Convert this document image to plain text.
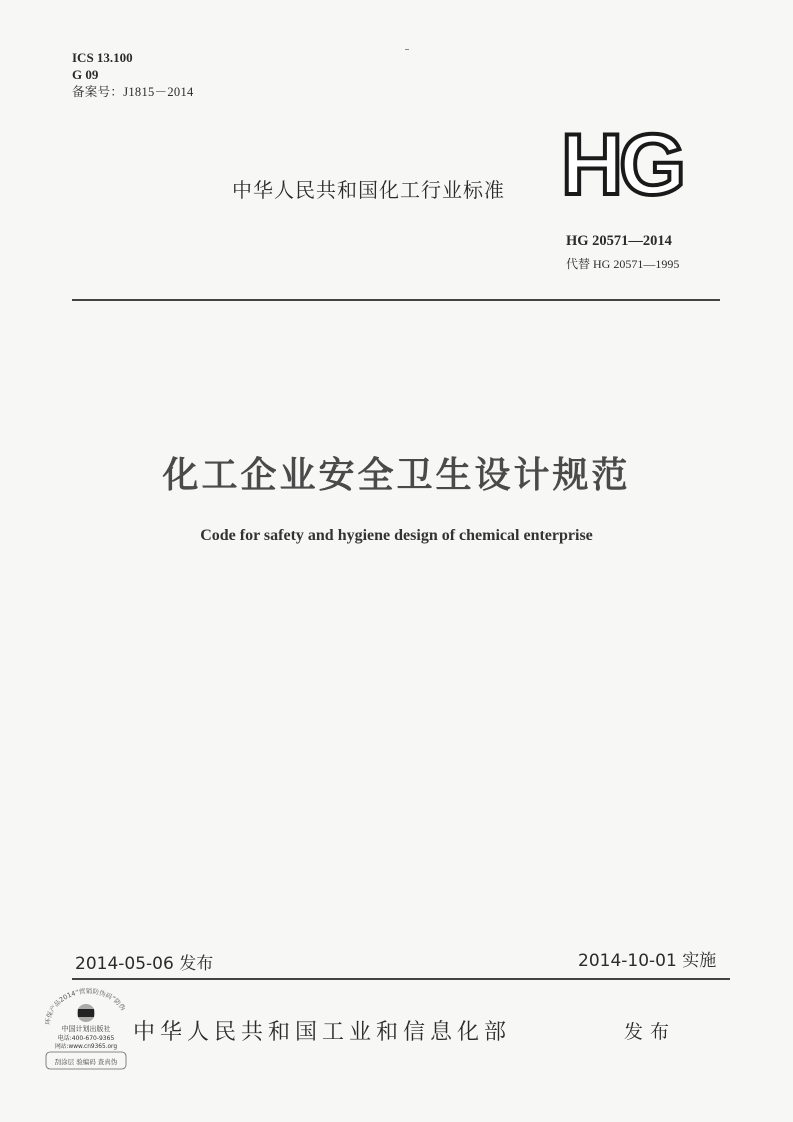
ICS 13.100
G 09
备案号：J1815－2014
中华人民共和国化工行业标准 HG
HG 20571—2014
代替 HG 20571—1995
化工企业安全卫生设计规范
Code for safety and hygiene design of chemical enterprise
2014-05-06 发布	2014-10-01 实施
环保产品2014“营销防伪码”防伪
中国计划出版社
电话:400-670-9365
网站:www.cn9365.org
刮涂层 验编码 查真伪
中华人民共和国工业和信息化部	发布
